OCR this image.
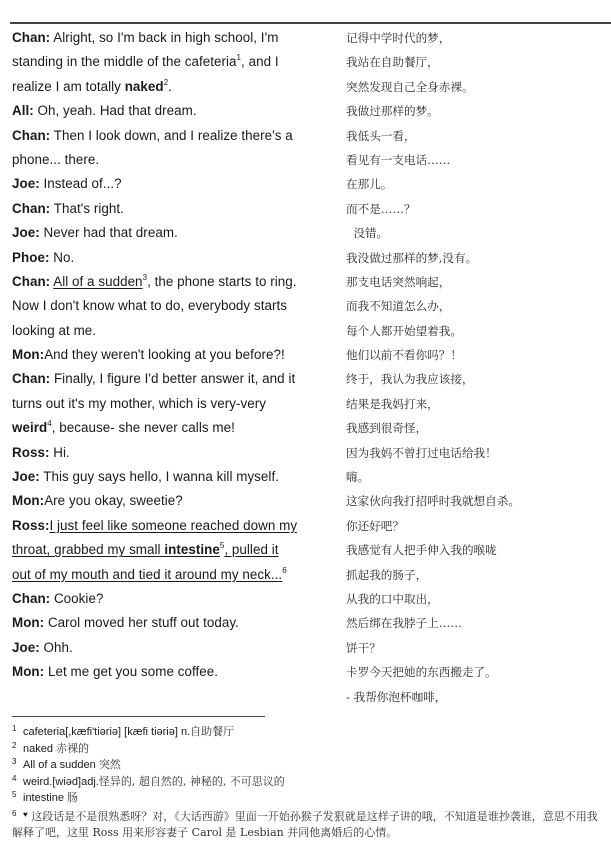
Chan: Alright, so I'm back in high school, I'm
standing in the middle of the cafeteria$^1$, and I
realize I am totally naked$^2$.
All: Oh, yeah. Had that dream.
Chan: Then I look down, and I realize there's a
phone... there.
Joe: Instead of...?
Chan: That's right.
Joe: Never had that dream.
Phoe: No.
Chan: All of a sudden$^3$, the phone starts to ring.
Now I don't know what to do, everybody starts
looking at me.
Mon:And they weren't looking at you before?!
Chan: Finally, I figure I'd better answer it, and it
turns out it's my mother, which is very-very
weird$^4$, because- she never calls me!
Ross: Hi.
Joe: This guy says hello, I wanna kill myself.
Mon:Are you okay, sweetie?
Ross:I just feel like someone reached down my
throat, grabbed my small intestine$^5$, pulled it
out of my mouth and tied it around my neck...$^6$
Chan: Cookie?
Mon: Carol moved her stuff out today.
Joe: Ohh.
Mon: Let me get you some coffee.
记得中学时代的梦，
我站在自助餐厅，
突然发现自己全身赤裸。
我做过那样的梦。
我低头一看，
看见有一支电话……
在那儿。
而不是……？
没错。
我没做过那样的梦,没有。
那支电话突然响起，
而我不知道怎么办，
每个人都开始望着我。
他们以前不看你吗？！
终于，我认为我应该接，
结果是我妈打来，
我感到很奇怪，
因为我妈不曾打过电话给我！
嗨。
这家伙向我打招呼时我就想自杀。
你还好吧？
我感觉有人把手伸入我的喉咙
抓起我的肠子，
从我的口中取出，
然后绑在我脖子上……
饼干？
卡罗今天把她的东西搬走了。
- 我帮你泡杯咖啡，
1 cafeteria[,kæfi'tiəriə] [kæfi tiəriə] n.自助餐厅
2 naked 赤裸的
3 All of a sudden 突然
4 weird.[wiəd]adj.怪异的, 超自然的, 神秘的, 不可思议的
5 intestine 肠
6 ♥ 这段话是不是很熟悉呀？对，《大话西游》里面一开始孙猴子发狠就是这样子讲的哦，不知道是谁抄袭谁，意思不用我解释了吧，这里 Ross 用来形容妻子 Carol 是 Lesbian 并同他离婚后的心情。
